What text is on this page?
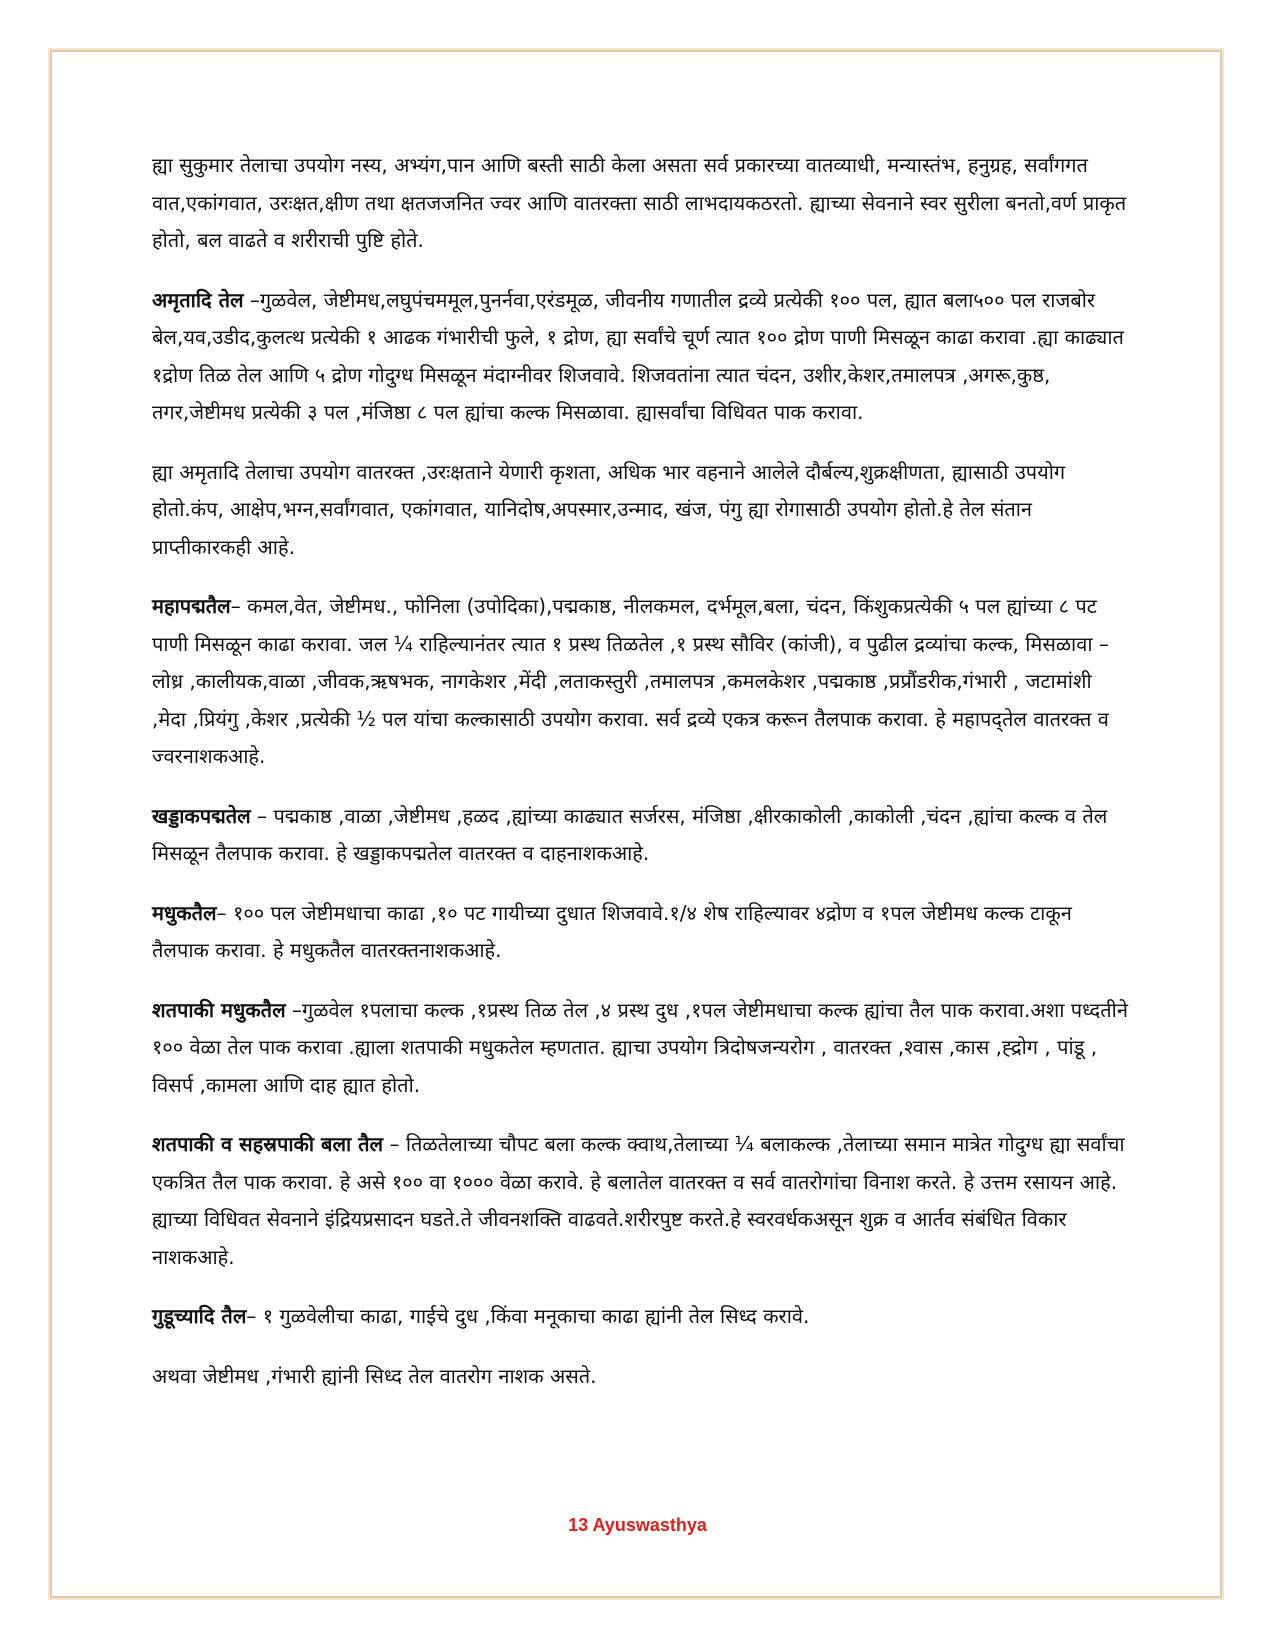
ह्या सुकुमार तेलाचा उपयोग नस्य, अभ्यंग,पान आणि बस्ती साठी केला असता सर्व प्रकारच्या वातव्याधी, मन्यास्तंभ, हनुग्रह, सर्वांगगत वात,एकांगवात, उरःक्षत,क्षीण तथा क्षतजजनित ज्वर आणि वातरक्ता साठी लाभदायकठरतो. ह्याच्या सेवनाने स्वर सुरीला बनतो,वर्ण प्राकृत होतो, बल वाढते व शरीराची पुष्टि होते.

अमृतादि तेल –गुळवेल, जेष्टीमध,लघुपंचममूल,पुनर्नवा,एरंडमूळ, जीवनीय गणातील द्रव्ये प्रत्येकी १०० पल, ह्यात बला५०० पल राजबोर बेल,यव,उडीद,कुलत्थ प्रत्येकी १ आढक गंभारीची फुले, १ द्रोण, ह्या सर्वांचे चूर्ण त्यात १०० द्रोण पाणी मिसळून काढा करावा .ह्या काढ्यात १द्रोण तिळ तेल आणि ५ द्रोण गोदुग्ध मिसळून मंदाग्नीवर शिजवावे. शिजवतांना त्यात चंदन, उशीर,केशर,तमालपत्र ,अगरू,कुष्ठ, तगर,जेष्टीमध प्रत्येकी ३ पल ,मंजिष्ठा ८ पल ह्यांचा कल्क मिसळावा. ह्यासर्वांचा विधिवत पाक करावा.

ह्या अमृतादि तेलाचा उपयोग वातरक्त ,उरःक्षताने येणारी कृशता, अधिक भार वहनाने आलेले दौर्बल्य,शुक्रक्षीणता, ह्यासाठी उपयोग होतो.कंप, आक्षेप,भग्न,सर्वांगवात, एकांगवात, यानिदोष,अपस्मार,उन्माद, खंज, पंगु ह्या रोगासाठी उपयोग होतो.हे तेल संतान प्राप्तीकारकही आहे.

महापद्मतैल– कमल,वेत, जेष्टीमध., फोनिला (उपोदिका),पद्मकाष्ठ, नीलकमल, दर्भमूल,बला, चंदन, किंशुकप्रत्येकी ५ पल ह्यांच्या ८ पट पाणी मिसळून काढा करावा. जल ¼ राहिल्यानंतर त्यात १ प्रस्थ तिळतेल ,१ प्रस्थ सौविर (कांजी), व पुढील द्रव्यांचा कल्क, मिसळावा – लोध्र ,कालीयक,वाळा ,जीवक,ऋषभक, नागकेशर ,मेंदी ,लताकस्तुरी ,तमालपत्र ,कमलकेशर ,पद्मकाष्ठ ,प्रप्रौंडरीक,गंभारी , जटामांशी ,मेदा ,प्रियंगु ,केशर ,प्रत्येकी ½ पल यांचा कल्कासाठी उपयोग करावा. सर्व द्रव्ये एकत्र करून तैलपाक करावा. हे महापद्तेल वातरक्त व ज्वरनाशकआहे.

खड्डाकपद्मतेल – पद्मकाष्ठ ,वाळा ,जेष्टीमध ,हळद ,ह्यांच्या काढ्यात सर्जरस, मंजिष्ठा ,क्षीरकाकोली ,काकोली ,चंदन ,ह्यांचा कल्क व तेल मिसळून तैलपाक करावा. हे खड्डाकपद्मतेल वातरक्त व दाहनाशकआहे.

मधुकतैल– १०० पल जेष्टीमधाचा काढा ,१० पट गायीच्या दुधात शिजवावे.१/४ शेष राहिल्यावर ४द्रोण व १पल जेष्टीमध कल्क टाकून तैलपाक करावा. हे मधुकतैल वातरक्तनाशकआहे.

शतपाकी मधुकतैल –गुळवेल १पलाचा कल्क ,१प्रस्थ तिळ तेल ,४ प्रस्थ दुध ,१पल जेष्टीमधाचा कल्क ह्यांचा तैल पाक करावा.अशा पध्दतीने १०० वेळा तेल पाक करावा .ह्याला शतपाकी मधुकतेल म्हणतात. ह्याचा उपयोग त्रिदोषजन्यरोग , वातरक्त ,श्वास ,कास ,ह्द्रोग , पांडू , विसर्प ,कामला आणि दाह ह्यात होतो.

शतपाकी व सहस्रपाकी बला तैल – तिळतेलाच्या चौपट बला कल्क क्वाथ,तेलाच्या ¼ बलाकल्क ,तेलाच्या समान मात्रेत गोदुग्ध ह्या सर्वांचा एकत्रित तैल पाक करावा. हे असे १०० वा १००० वेळा करावे. हे बलातेल वातरक्त व सर्व वातरोगांचा विनाश करते. हे उत्तम रसायन आहे. ह्याच्या विधिवत सेवनाने इंद्रियप्रसादन घडते.ते जीवनशक्ति वाढवते.शरीरपुष्ट करते.हे स्वरवर्धकअसून शुक्र व आर्तव संबंधित विकार नाशकआहे.

गुडूच्यादि तैल– १ गुळवेलीचा काढा, गाईचे दुध ,किंवा मनूकाचा काढा ह्यांनी तेल सिध्द करावे.

अथवा जेष्टीमध ,गंभारी ह्यांनी सिध्द तेल वातरोग नाशक असते.

13 Ayuswasthya
